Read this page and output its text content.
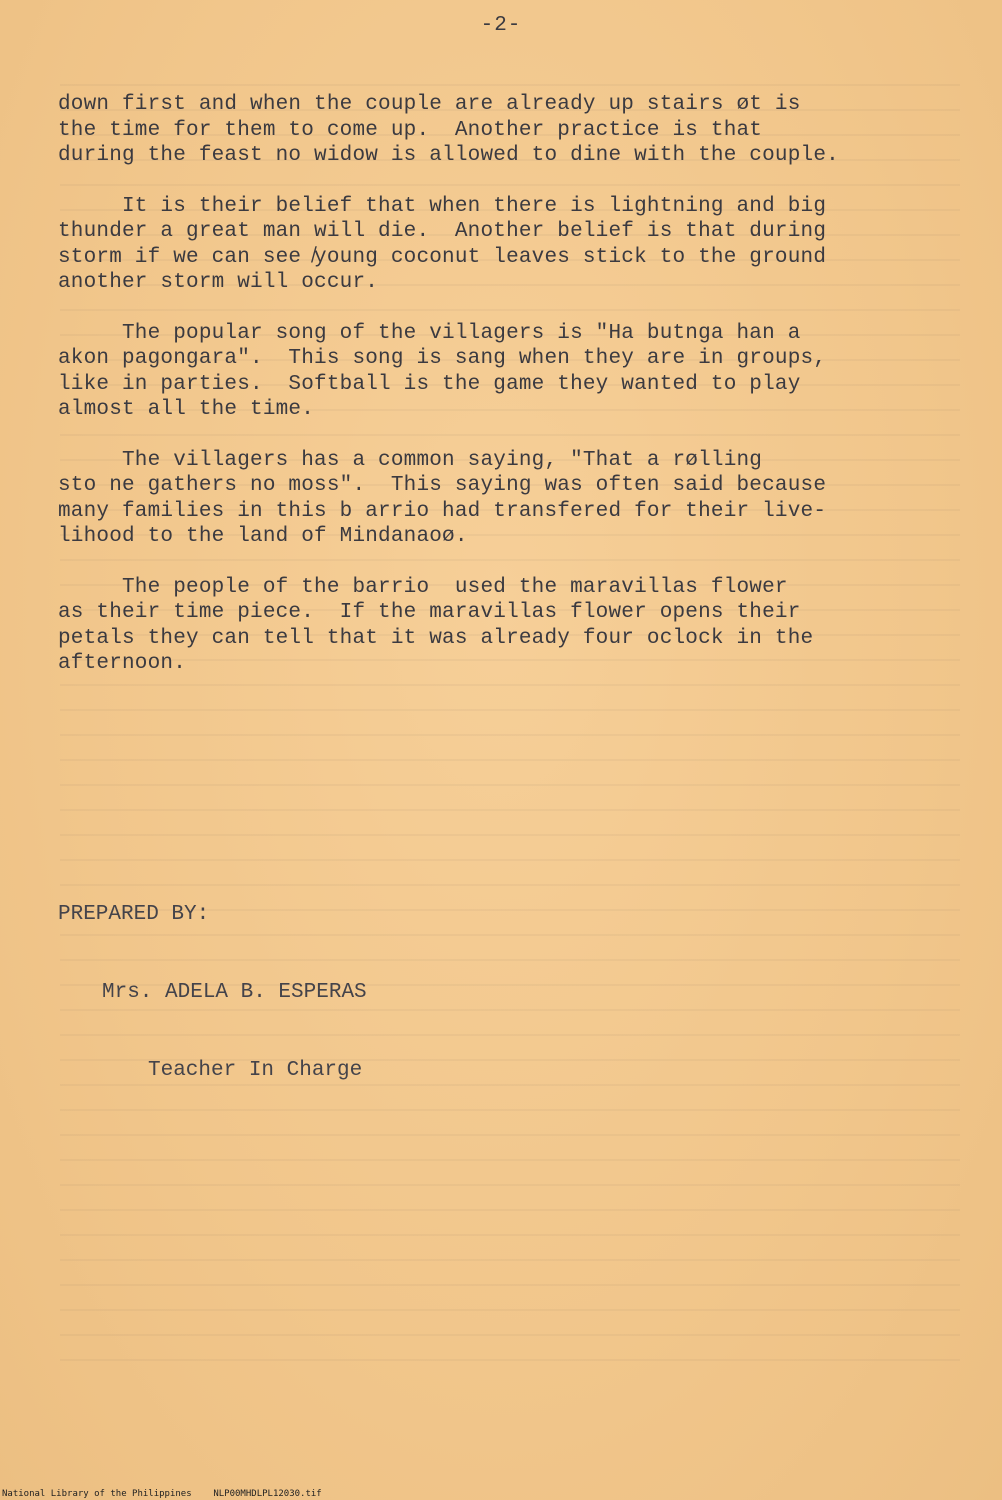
-2-
down first and when the couple are already up stairs øt is
the time for them to come up.  Another practice is that
during the feast no widow is allowed to dine with the couple.
It is their belief that when there is lightning and big
thunder a great man will die.  Another belief is that during
storm if we can see ̸young coconut leaves stick to the ground
another storm will occur.
The popular song of the villagers is "Ha butnga han a
akon pagongara".  This song is sang when they are in groups,
like in parties.  Softball is the game they wanted to play
almost all the time.
The villagers has a common saying, "That a rølling
sto ne gathers no moss".  This saying was often said because
many families in this b arrio had transfered for their live-
lihood to the land of Mindanaoø.
The people of the barrio  used the maravillas flower
as their time piece.  If the maravillas flower opens their
petals they can tell that it was already four oclock in the
afternoon.

PREPARED BY:

Mrs. ADELA B. ESPERAS

Teacher In Charge

National Library of the Philippines NLP00MHDLPL12030.tif
